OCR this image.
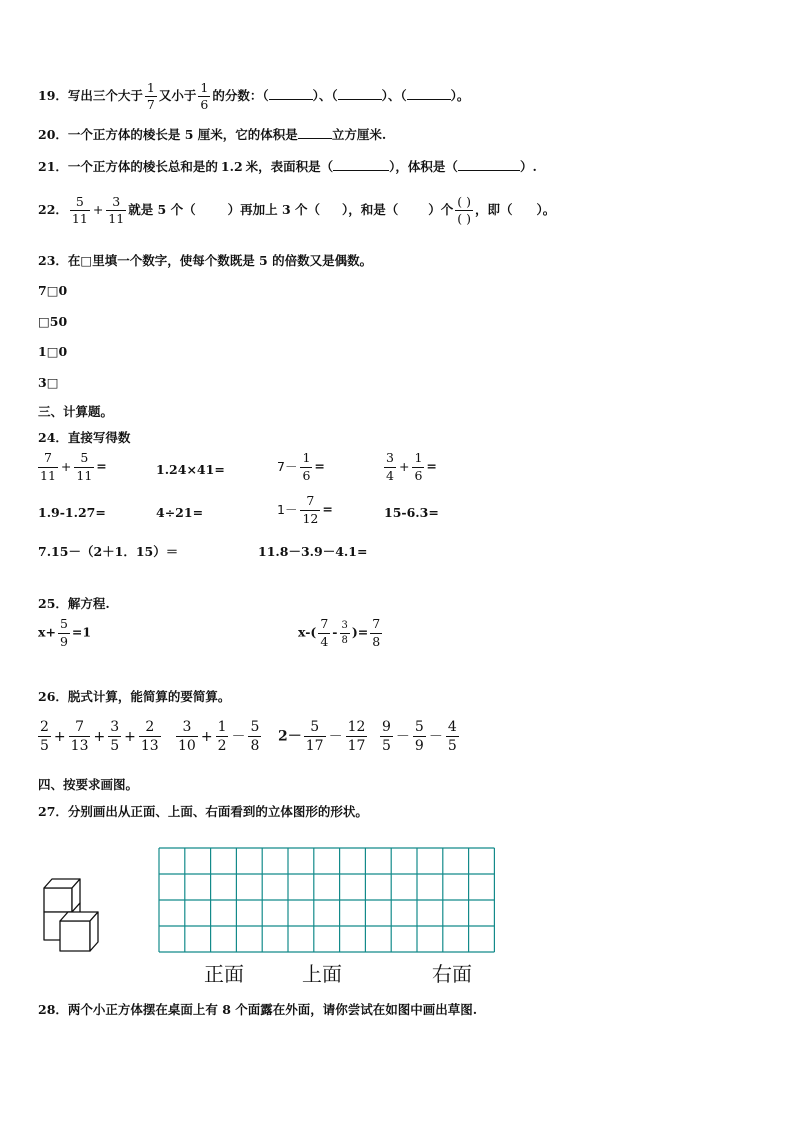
19．写出三个大于 $\frac{1}{7}$ 又小于 $\frac{1}{6}$ 的分数：（	）、（	）、（	）。
20．一个正方体的棱长是 5 厘米，它的体积是	立方厘米.
21．一个正方体的棱长总和是的 1.2 米，表面积是（	），体积是（	）.
22． $\frac{5}{11} + \frac{3}{11}$ 就是 5 个（	）再加上 3 个（ ），和是（ ）个
( )
( )
，即（ ）。
23．在□里填一个数字，使每个数既是 5 的倍数又是偶数。
7□0
□50
1□0
3□
三、计算题。
24．直接写得数
$\frac{7}{11} + \frac{5}{11}$ =	1.24×41=	$7- \frac{1}{6}$ =	$\frac{3}{4} + \frac{1}{6}$ =
1.9-1.27=	4÷21=	$1- \frac{7}{12}$ =	15-6.3=
7.15－（2＋1．15）＝	11.8－3.9－4.1=
25．解方程.
$x+ \frac{5}{9} =1$	$x-( \frac{7}{4} - \frac{3}{8}$ )= $\frac{7}{8}$
26．脱式计算，能简算的要简算。
$\frac{2}{5} + \frac{7}{13} + \frac{3}{5} + \frac{2}{13} \frac{3}{10} + \frac{1}{2} - \frac{5}{8} 2- \frac{5}{17} - \frac{12}{17} \frac{9}{5} - \frac{5}{9} - \frac{4}{5}$
四、按要求画图。
27．分别画出从正面、上面、右面看到的立体图形的形状。
正面	上面	右面
28．两个小正方体摆在桌面上有 8 个面露在外面，请你尝试在如图中画出草图.
